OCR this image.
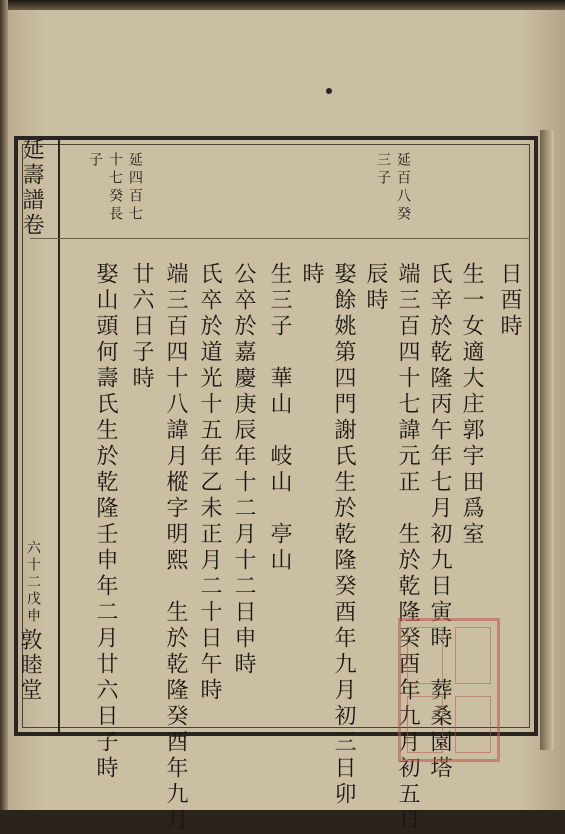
延壽譜卷
六十二戊申
敦睦堂
延百八癸
三子
延四百七
十七癸長
子
日酉時
生一女適大庄郭宇田爲室
氏辛於乾隆丙午年七月初九日寅時　葬桑園塔
端三百四十七諱元正　生於乾隆癸酉年九月初五日
辰時
娶餘姚第四門謝氏生於乾隆癸酉年九月初三日卯
時
生三子　華山　岐山　亭山
公卒於嘉慶庚辰年十二月十二日申時
氏卒於道光十五年乙未正月二十日午時
端三百四十八諱月樅字明熙　生於乾隆癸酉年九月
廿六日子時
娶山頭何壽氏生於乾隆壬申年二月廿六日子時
